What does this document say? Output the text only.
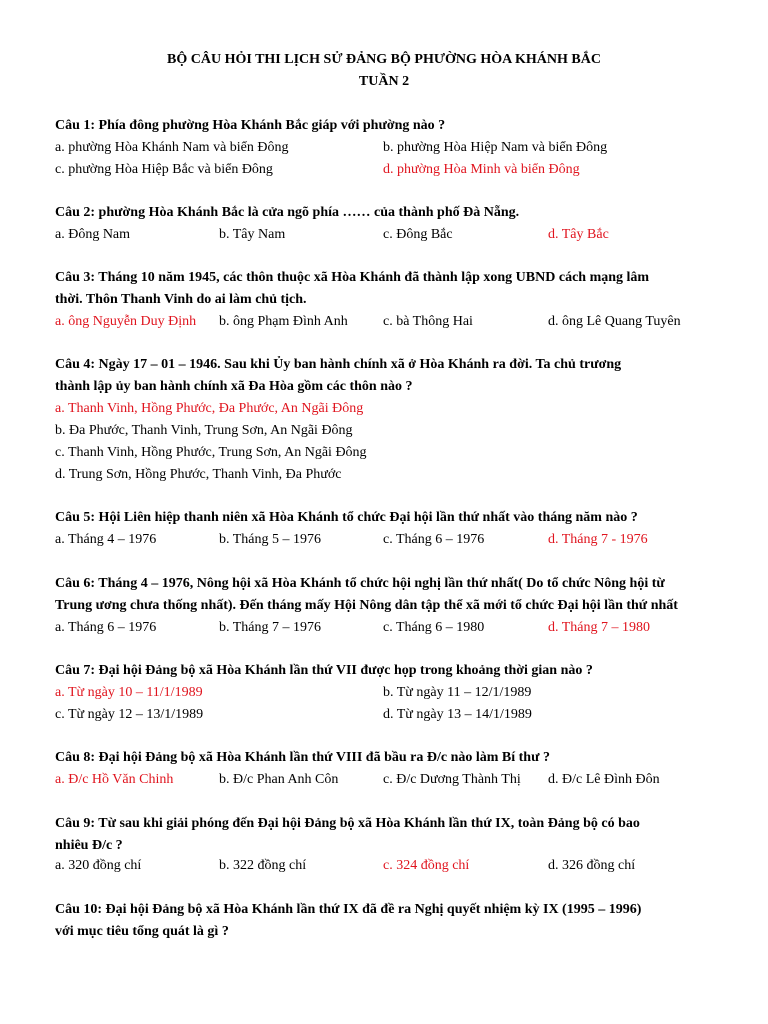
BỘ CÂU HỎI THI LỊCH SỬ ĐẢNG BỘ PHƯỜNG HÒA KHÁNH BẮC
TUẦN 2
Câu 1: Phía đông phường Hòa Khánh Bắc giáp với phường nào ?
a. phường Hòa Khánh Nam và biển Đông	b. phường Hòa Hiệp Nam và biển Đông
c. phường Hòa Hiệp Bắc và biển Đông	d. phường Hòa Minh và biển Đông
Câu 2: phường Hòa Khánh Bắc là cửa ngõ phía …… của thành phố Đà Nẵng.
a. Đông Nam	b. Tây Nam	c. Đông Bắc	d. Tây Bắc
Câu 3: Tháng 10 năm 1945, các thôn thuộc xã Hòa Khánh đã thành lập xong UBND cách mạng lâm
thời. Thôn Thanh Vinh do ai làm chủ tịch.
a. ông Nguyễn Duy Định b. ông Phạm Đình Anh	c. bà Thông Hai	d. ông Lê Quang Tuyên
Câu 4: Ngày 17 – 01 – 1946. Sau khi Ủy ban hành chính xã ở Hòa Khánh ra đời. Ta chủ trương
thành lập ủy ban hành chính xã Đa Hòa gồm các thôn nào ?
a. Thanh Vinh, Hồng Phước, Đa Phước, An Ngãi Đông
b. Đa Phước, Thanh Vinh, Trung Sơn, An Ngãi Đông
c. Thanh Vinh, Hồng Phước, Trung Sơn, An Ngãi Đông
d. Trung Sơn, Hồng Phước, Thanh Vinh, Đa Phước
Câu 5: Hội Liên hiệp thanh niên xã Hòa Khánh tổ chức Đại hội lần thứ nhất vào tháng năm nào ?
a. Tháng 4 – 1976	b. Tháng 5 – 1976	c. Tháng 6 – 1976	d. Tháng 7 - 1976
Câu 6: Tháng 4 – 1976, Nông hội xã Hòa Khánh tổ chức hội nghị lần thứ nhất( Do tổ chức Nông hội từ
Trung ương chưa thống nhất). Đến tháng mấy Hội Nông dân tập thể xã mới tổ chức Đại hội lần thứ nhất
a. Tháng 6 – 1976	b. Tháng 7 – 1976	c. Tháng 6 – 1980	d. Tháng 7 – 1980
Câu 7: Đại hội Đảng bộ xã Hòa Khánh lần thứ VII được họp trong khoảng thời gian nào ?
a. Từ ngày 10 – 11/1/1989	b. Từ ngày 11 – 12/1/1989
c. Từ ngày 12 – 13/1/1989	d. Từ ngày 13 – 14/1/1989
Câu 8: Đại hội Đảng bộ xã Hòa Khánh lần thứ VIII đã bầu ra Đ/c nào làm Bí thư ?
a. Đ/c Hồ Văn Chinh	b. Đ/c Phan Anh Côn	c. Đ/c Dương Thành Thị d. Đ/c Lê Đình Đôn
Câu 9: Từ sau khi giải phóng đến Đại hội Đảng bộ xã Hòa Khánh lần thứ IX, toàn Đảng bộ có bao
nhiêu Đ/c ?
a. 320 đồng chí	b. 322 đồng chí	c. 324 đồng chí	d. 326 đồng chí
Câu 10: Đại hội Đảng bộ xã Hòa Khánh lần thứ IX đã đề ra Nghị quyết nhiệm kỳ IX (1995 – 1996)
với mục tiêu tổng quát là gì ?
